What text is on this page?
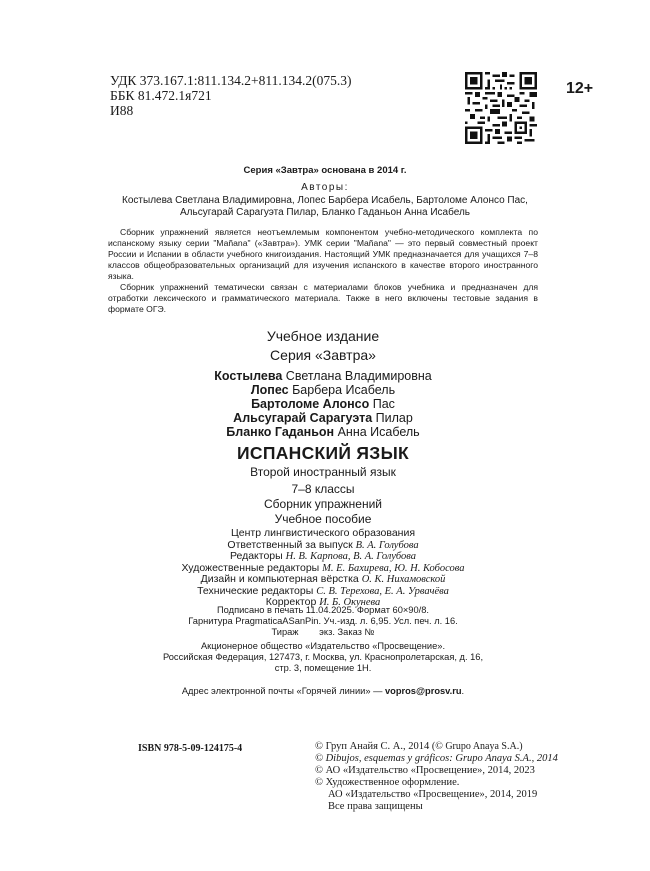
УДК 373.167.1:811.134.2+811.134.2(075.3)
ББК 81.472.1я721
И88
12+
Серия «Завтра» основана в 2014 г.
Авторы:
Костылева Светлана Владимировна, Лопес Барбера Исабель, Бартоломе Алонсо Пас,
Альсугарай Сарагуэта Пилар, Бланко Гаданьон Анна Исабель

Сборник упражнений является неотъемлемым компонентом учебно-методического комплекта по испанскому языку серии "Mañana" («Завтра»). УМК серии "Mañana" — это первый совместный проект России и Испании в области учебного книгоиздания. Настоящий УМК предназначается для учащихся 7–8 классов общеобразовательных организаций для изучения испанского в качестве второго иностранного языка.

Сборник упражнений тематически связан с материалами блоков учебника и предназначен для отработки лексического и грамматического материала. Также в него включены тестовые задания в формате ОГЭ.

Учебное издание
Серия «Завтра»
Костылева Светлана Владимировна
Лопес Барбера Исабель
Бартоломе Алонсо Пас
Альсугарай Сарагуэта Пилар
Бланко Гаданьон Анна Исабель
ИСПАНСКИЙ ЯЗЫК
Второй иностранный язык
7–8 классы
Сборник упражнений
Учебное пособие
Центр лингвистического образования
Ответственный за выпуск В. А. Голубова
Редакторы Н. В. Карпова, В. А. Голубова
Художественные редакторы М. Е. Бахирева, Ю. Н. Кобосова
Дизайн и компьютерная вёрстка О. К. Нихамовской
Технические редакторы С. В. Терехова, Е. А. Урвачёва
Корректор И. Б. Окунева
Подписано в печать 11.04.2025. Формат 60×90/8.
Гарнитура PragmaticaASanPin. Уч.-изд. л. 6,95. Усл. печ. л. 16.
Тираж        экз. Заказ №
Акционерное общество «Издательство «Просвещение».
Российская Федерация, 127473, г. Москва, ул. Краснопролетарская, д. 16,
стр. 3, помещение 1Н.
Адрес электронной почты «Горячей линии» — vopros@prosv.ru.
ISBN 978-5-09-124175-4	© Груп Анайя С. А., 2014 (© Grupo Anaya S.A.)
© Dibujos, esquemas y gráficos: Grupo Anaya S.A., 2014
© АО «Издательство «Просвещение», 2014, 2023
© Художественное оформление.
АО «Издательство «Просвещение», 2014, 2019
Все права защищены
